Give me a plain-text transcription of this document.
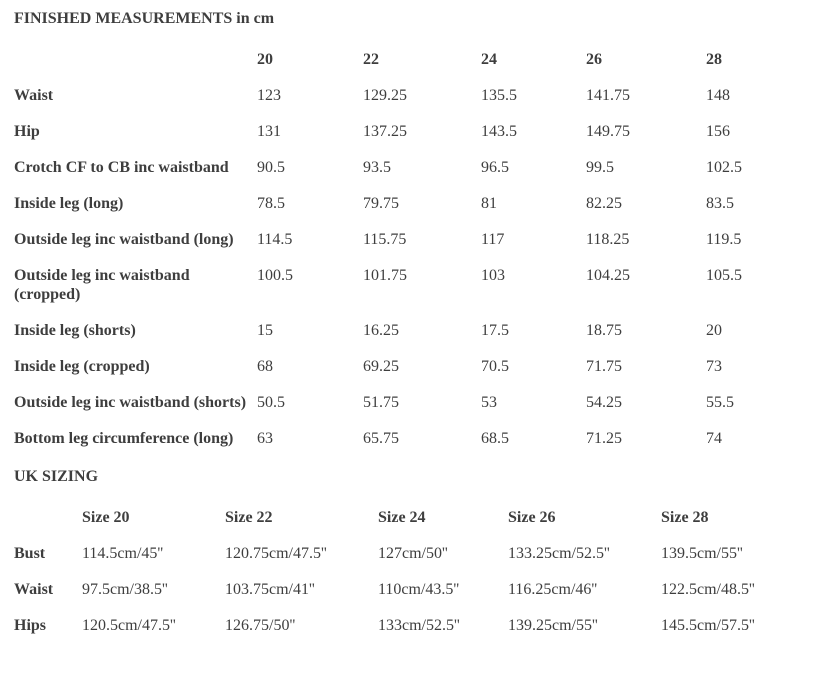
FINISHED MEASUREMENTS in cm
	20	22	24	26	28
Waist	123	129.25	135.5	141.75	148
Hip	131	137.25	143.5	149.75	156
Crotch CF to CB inc waistband	90.5	93.5	96.5	99.5	102.5
Inside leg (long)	78.5	79.75	81	82.25	83.5
Outside leg inc waistband (long)	114.5	115.75	117	118.25	119.5
Outside leg inc waistband (cropped)	100.5	101.75	103	104.25	105.5
Inside leg (shorts)	15	16.25	17.5	18.75	20
Inside leg (cropped)	68	69.25	70.5	71.75	73
Outside leg inc waistband (shorts)	50.5	51.75	53	54.25	55.5
Bottom leg circumference (long)	63	65.75	68.5	71.25	74
UK SIZING
	Size 20	Size 22	Size 24	Size 26	Size 28
Bust	114.5cm/45''	120.75cm/47.5''	127cm/50''	133.25cm/52.5''	139.5cm/55''
Waist	97.5cm/38.5''	103.75cm/41''	110cm/43.5''	116.25cm/46''	122.5cm/48.5''
Hips	120.5cm/47.5''	126.75/50''	133cm/52.5''	139.25cm/55''	145.5cm/57.5''
